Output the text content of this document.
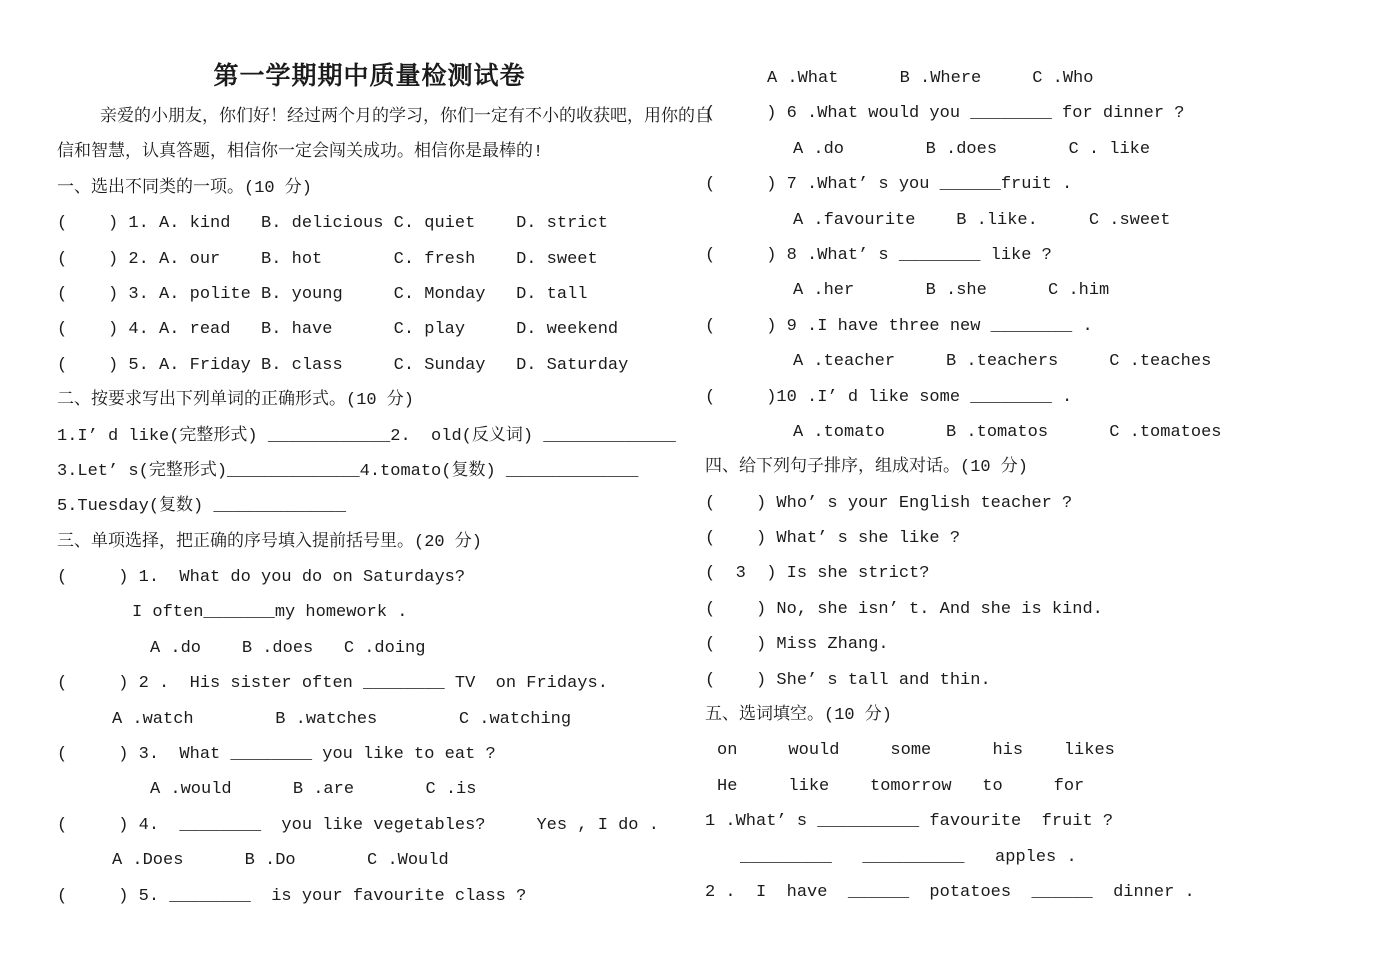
第一学期期中质量检测试卷
亲爱的小朋友，你们好！经过两个月的学习，你们一定有不小的收获吧，用你的自
信和智慧，认真答题，相信你一定会闯关成功。相信你是最棒的!
一、选出不同类的一项。(10 分)
(    ) 1. A. kind   B. delicious C. quiet    D. strict
(    ) 2. A. our    B. hot       C. fresh    D. sweet
(    ) 3. A. polite B. young     C. Monday   D. tall
(    ) 4. A. read   B. have      C. play     D. weekend
(    ) 5. A. Friday B. class     C. Sunday   D. Saturday
二、按要求写出下列单词的正确形式。(10 分)
1.I’ d like(完整形式) ____________2.  old(反义词) _____________
3.Let’ s(完整形式)_____________4.tomato(复数) _____________
5.Tuesday(复数) _____________
三、单项选择，把正确的序号填入提前括号里。(20 分)
(     ) 1.  What do you do on Saturdays?
I often_______my homework .
A .do    B .does   C .doing
(     ) 2 .  His sister often ________ TV  on Fridays.
A .watch        B .watches        C .watching
(     ) 3.  What ________ you like to eat ?
A .would      B .are       C .is
(     ) 4.  ________  you like vegetables?     Yes , I do .
A .Does      B .Do       C .Would
(     ) 5. ________  is your favourite class ?
A .What      B .Where     C .Who
(     ) 6 .What would you ________ for dinner ?
A .do        B .does       C . like
(     ) 7 .What’ s you ______fruit .
A .favourite    B .like.     C .sweet
(     ) 8 .What’ s ________ like ?
A .her       B .she      C .him
(     ) 9 .I have three new ________ .
A .teacher     B .teachers     C .teaches
(     )10 .I’ d like some ________ .
A .tomato      B .tomatos      C .tomatoes
四、给下列句子排序，组成对话。(10 分)
(    ) Who’ s your English teacher ?
(    ) What’ s she like ?
(  3  ) Is she strict?
(    ) No, she isn’ t. And she is kind.
(    ) Miss Zhang.
(    ) She’ s tall and thin.
五、选词填空。(10 分)
on     would     some      his    likes
He     like    tomorrow   to     for
1 .What’ s __________ favourite  fruit ?
_________   __________   apples .
2 .  I  have  ______  potatoes  ______  dinner .
